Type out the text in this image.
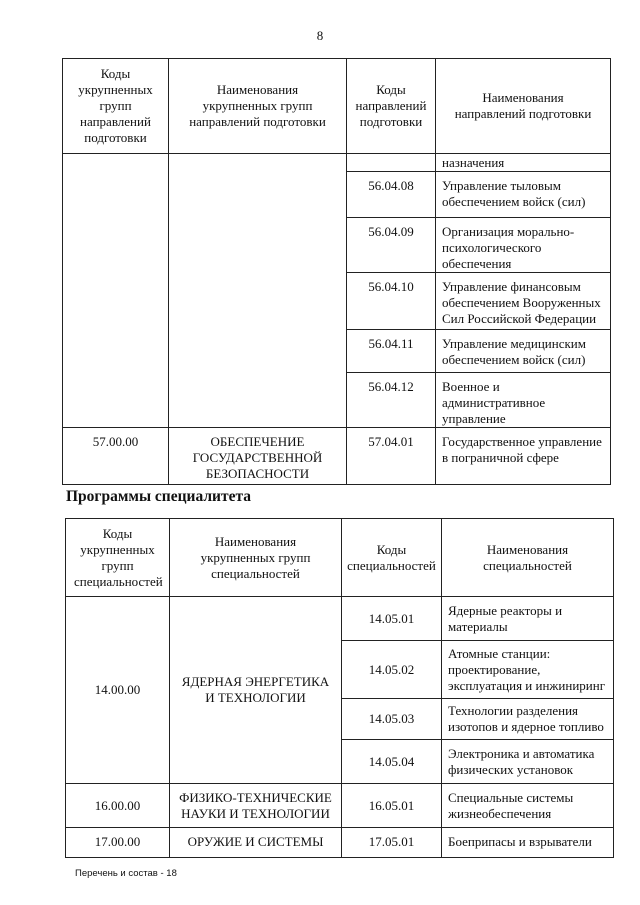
8
Коды укрупненных групп направлений подготовки	Наименования укрупненных групп направлений подготовки	Коды направлений подготовки	Наименования направлений подготовки
			назначения
		56.04.08	Управление тыловым обеспечением войск (сил)
		56.04.09	Организация морально-психологического обеспечения
		56.04.10	Управление финансовым обеспечением Вооруженных Сил Российской Федерации
		56.04.11	Управление медицинским обеспечением войск (сил)
		56.04.12	Военное и административное управление
57.00.00	ОБЕСПЕЧЕНИЕ ГОСУДАРСТВЕННОЙ БЕЗОПАСНОСТИ	57.04.01	Государственное управление в пограничной сфере
Программы специалитета
Коды укрупненных групп специальностей	Наименования укрупненных групп специальностей	Коды специальностей	Наименования специальностей
14.00.00	ЯДЕРНАЯ ЭНЕРГЕТИКА И ТЕХНОЛОГИИ	14.05.01	Ядерные реакторы и материалы
		14.05.02	Атомные станции: проектирование, эксплуатация и инжиниринг
		14.05.03	Технологии разделения изотопов и ядерное топливо
		14.05.04	Электроника и автоматика физических установок
16.00.00	ФИЗИКО-ТЕХНИЧЕСКИЕ НАУКИ И ТЕХНОЛОГИИ	16.05.01	Специальные системы жизнеобеспечения
17.00.00	ОРУЖИЕ И СИСТЕМЫ	17.05.01	Боеприпасы и взрыватели
Перечень и состав - 18
